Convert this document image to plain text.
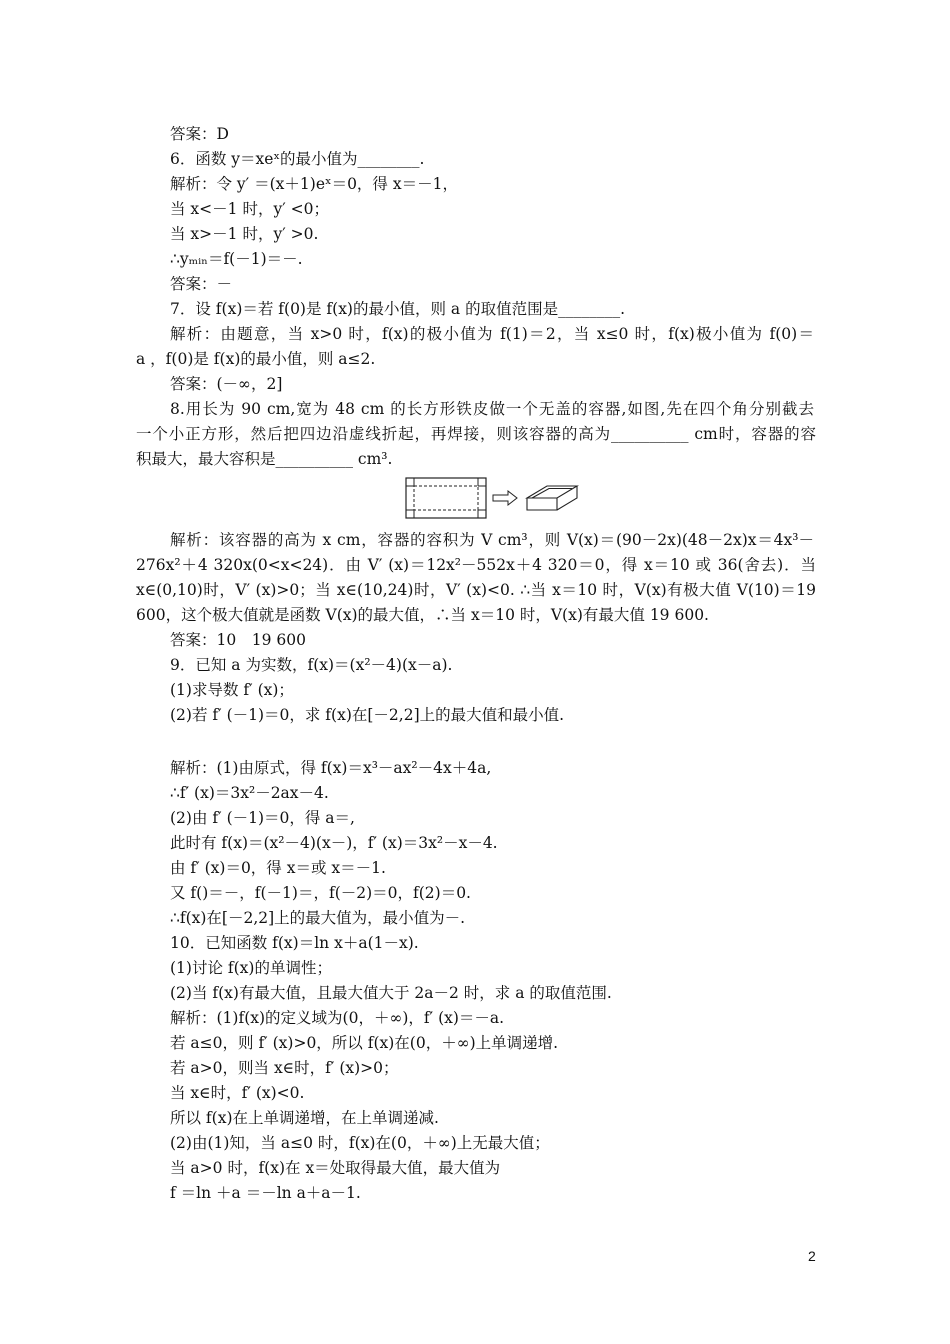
答案：D
6．函数 y＝xeˣ的最小值为________.
解析：令 y′ ＝(x＋1)eˣ＝0，得 x＝－1，
当 x<－1 时，y′ <0；
当 x>－1 时，y′ >0.
∴yₘᵢₙ＝f(－1)＝－.
答案：－
7．设 f(x)＝若 f(0)是 f(x)的最小值，则 a 的取值范围是________.
解析：由题意，当 x>0 时，f(x)的极小值为 f(1)＝2，当 x≤0 时，f(x)极小值为 f(0)＝
a ，f(0)是 f(x)的最小值，则 a≤2.
答案：(－∞，2]
8.用长为 90 cm,宽为 48 cm 的长方形铁皮做一个无盖的容器,如图,先在四个角分别截去
一个小正方形，然后把四边沿虚线折起，再焊接，则该容器的高为__________ cm时，容器的容
积最大，最大容积是__________ cm³.
解析：该容器的高为 x cm，容器的容积为 V cm³，则 V(x)＝(90－2x)(48－2x)x＝4x³－
276x²＋4 320x(0<x<24)．由 V′ (x)＝12x²－552x＋4 320＝0，得 x＝10 或 36(舍去)．当
x∈(0,10)时，V′ (x)>0；当 x∈(10,24)时，V′ (x)<0. ∴当 x＝10 时，V(x)有极大值 V(10)＝19
600，这个极大值就是函数 V(x)的最大值，∴当 x＝10 时，V(x)有最大值 19 600.
答案：10　19 600
9．已知 a 为实数，f(x)＝(x²－4)(x－a).
(1)求导数 f′ (x)；
(2)若 f′ (－1)＝0，求 f(x)在[－2,2]上的最大值和最小值.
解析：(1)由原式，得 f(x)＝x³－ax²－4x＋4a,
∴f′ (x)＝3x²－2ax－4.
(2)由 f′ (－1)＝0，得 a＝,
此时有 f(x)＝(x²－4)(x－)，f′ (x)＝3x²－x－4.
由 f′ (x)＝0，得 x＝或 x＝－1.
又 f()＝－，f(－1)＝，f(－2)＝0，f(2)＝0.
∴f(x)在[－2,2]上的最大值为，最小值为－.
10．已知函数 f(x)＝ln x＋a(1－x).
(1)讨论 f(x)的单调性；
(2)当 f(x)有最大值，且最大值大于 2a－2 时，求 a 的取值范围.
解析：(1)f(x)的定义域为(0，＋∞)，f′ (x)＝－a.
若 a≤0，则 f′ (x)>0，所以 f(x)在(0，＋∞)上单调递增.
若 a>0，则当 x∈时，f′ (x)>0；
当 x∈时，f′ (x)<0.
所以 f(x)在上单调递增，在上单调递减.
(2)由(1)知，当 a≤0 时，f(x)在(0，＋∞)上无最大值；
当 a>0 时，f(x)在 x＝处取得最大值，最大值为
f ＝ln ＋a ＝－ln a＋a－1.
2
